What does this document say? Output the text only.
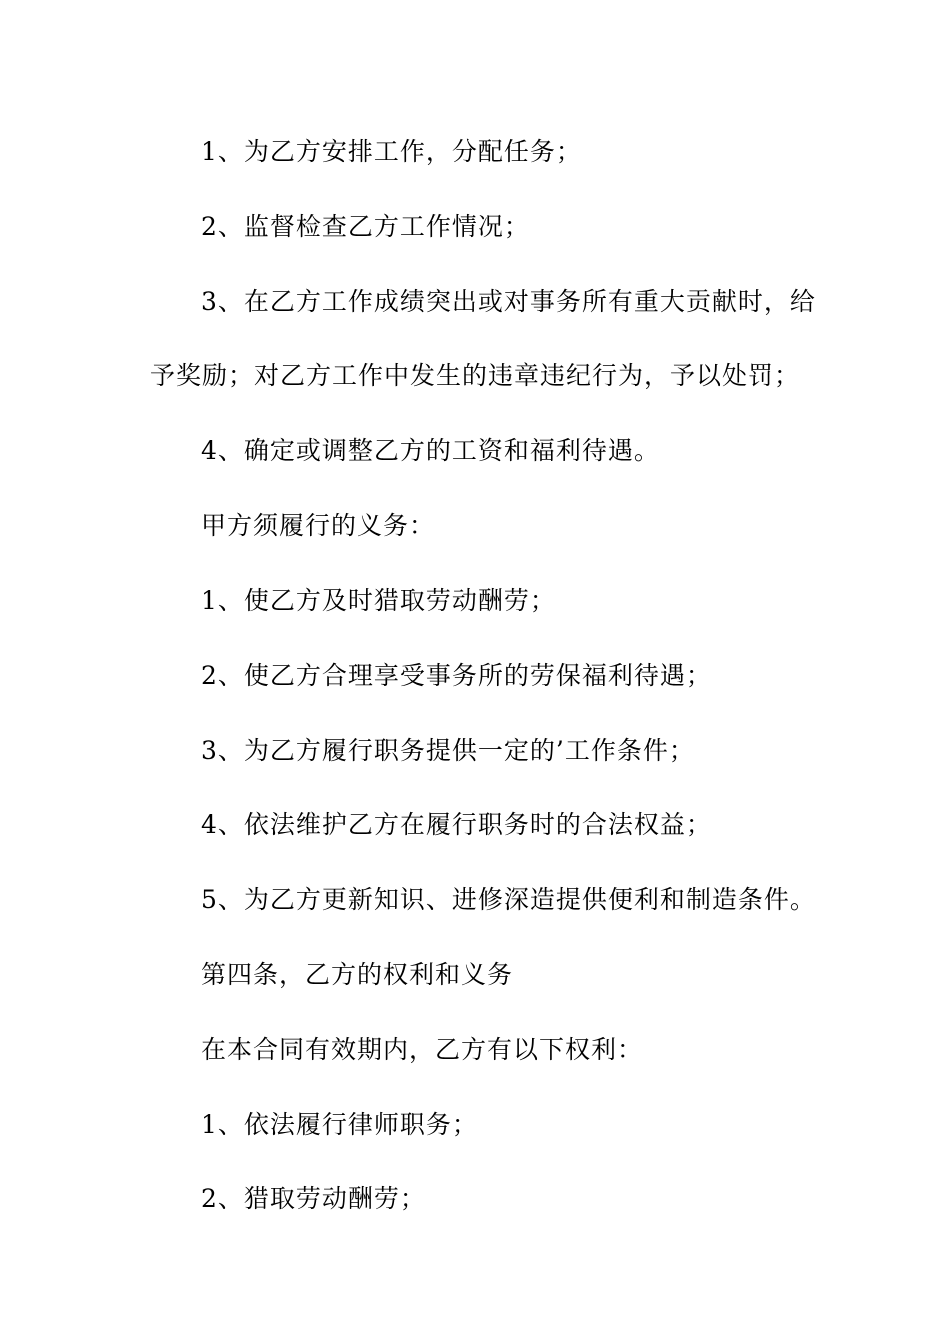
1、为乙方安排工作，分配任务；
2、监督检查乙方工作情况；
3、在乙方工作成绩突出或对事务所有重大贡献时，给
予奖励；对乙方工作中发生的违章违纪行为，予以处罚；
4、确定或调整乙方的工资和福利待遇。
甲方须履行的义务：
1、使乙方及时猎取劳动酬劳；
2、使乙方合理享受事务所的劳保福利待遇；
3、为乙方履行职务提供一定的’工作条件；
4、依法维护乙方在履行职务时的合法权益；
5、为乙方更新知识、进修深造提供便利和制造条件。
第四条，乙方的权利和义务
在本合同有效期内，乙方有以下权利：
1、依法履行律师职务；
2、猎取劳动酬劳；
